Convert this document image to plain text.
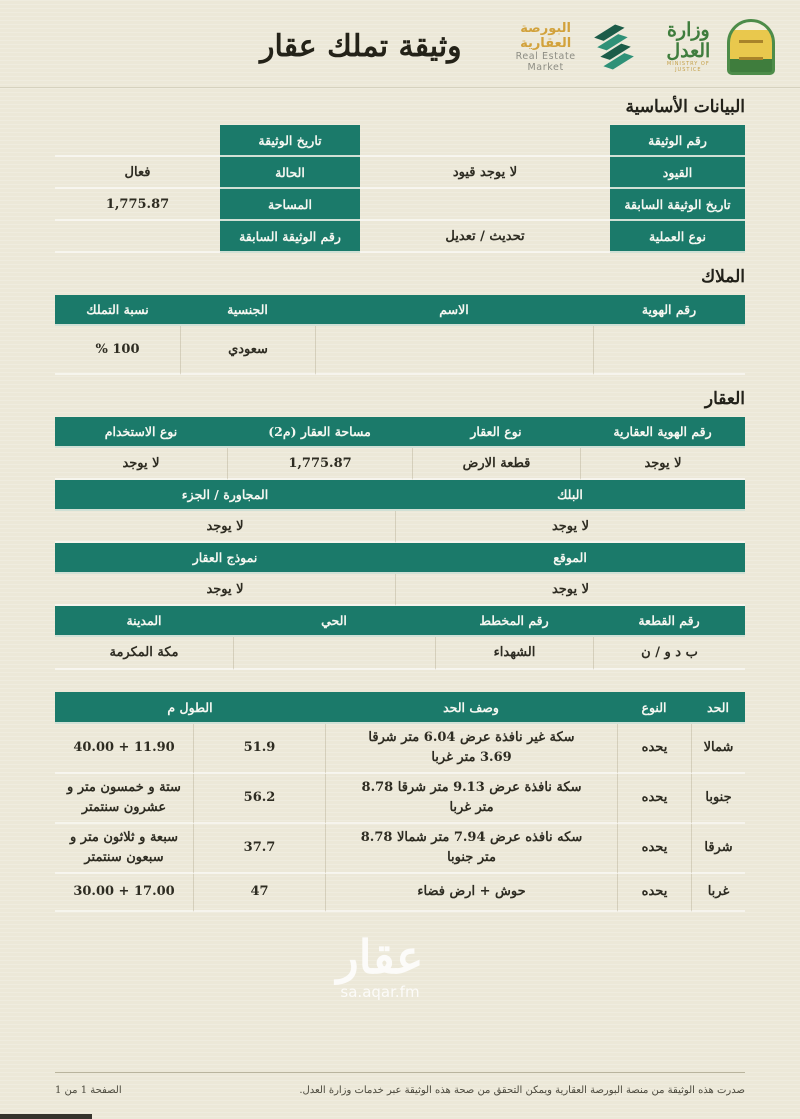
وزارة العدل
MINISTRY OF JUSTICE
البورصة العقارية
Real Estate Market
وثيقة تملك عقار
البيانات الأساسية
رقم الوثيقة
تاريخ الوثيقة
القيود
لا يوجد قيود
الحالة
فعال
تاريخ الوثيقة السابقة
المساحة
1,775.87
نوع العملية
تحديث / تعديل
رقم الوثيقة السابقة
الملاك
رقم الهوية
الاسم
الجنسية
نسبة التملك
سعودي
% 100
العقار
رقم الهوية العقارية
نوع العقار
مساحة العقار (م2)
نوع الاستخدام
لا يوجد
قطعة الارض
1,775.87
لا يوجد
البلك
المجاورة / الجزء
لا يوجد
لا يوجد
الموقع
نموذج العقار
لا يوجد
لا يوجد
رقم القطعة
رقم المخطط
الحي
المدينة
ب د و / ن
الشهداء
مكة المكرمة
الحد
النوع
وصف الحد
الطول م
شمالا
يحده
سكة غير نافذة عرض 6.04 متر شرقا
3.69 متر غربا
51.9
40.00 + 11.90
جنوبا
يحده
سكة نافذة عرض 9.13 متر شرقا 8.78
متر غربا
56.2
ستة و خمسون متر و عشرون سنتمتر
شرقا
يحده
سكه نافذه عرض 7.94 متر شمالا 8.78
متر جنوبا
37.7
سبعة و ثلاثون متر و سبعون سنتمتر
غربا
يحده
حوش + ارض فضاء
47
30.00 + 17.00
عقار
sa.aqar.fm
صدرت هذه الوثيقة من منصة البورصة العقارية ويمكن التحقق من صحة هذه الوثيقة عبر خدمات وزارة العدل.
الصفحة 1 من 1
